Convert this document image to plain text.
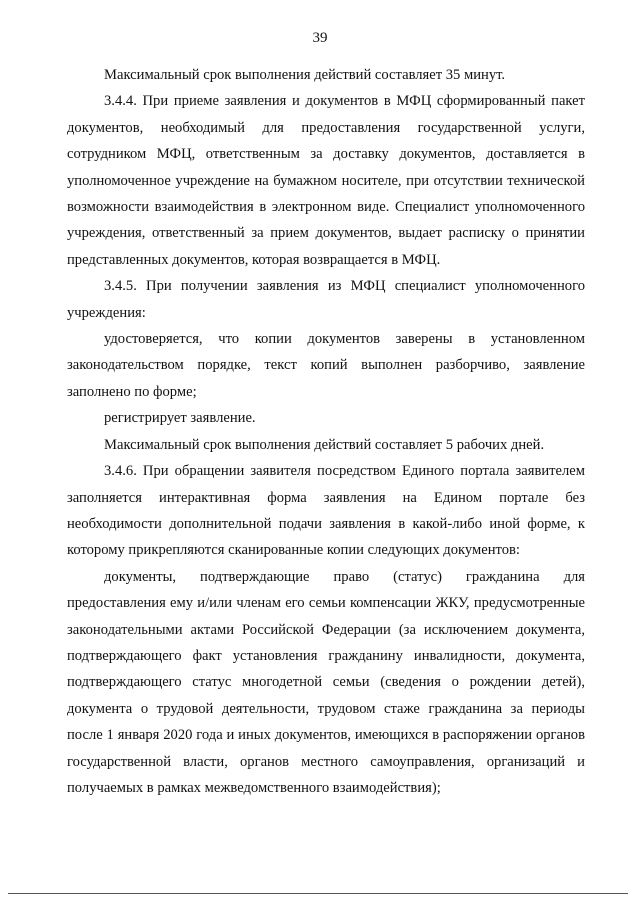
39

Максимальный срок выполнения действий составляет 35 минут.

3.4.4. При приеме заявления и документов в МФЦ сформированный пакет документов, необходимый для предоставления государственной услуги, сотрудником МФЦ, ответственным за доставку документов, доставляется в уполномоченное учреждение на бумажном носителе, при отсутствии технической возможности взаимодействия в электронном виде. Специалист уполномоченного учреждения, ответственный за прием документов, выдает расписку о принятии представленных документов, которая возвращается в МФЦ.

3.4.5. При получении заявления из МФЦ специалист уполномоченного учреждения:

удостоверяется, что копии документов заверены в установленном законодательством порядке, текст копий выполнен разборчиво, заявление заполнено по форме;

регистрирует заявление.

Максимальный срок выполнения действий составляет 5 рабочих дней.

3.4.6. При обращении заявителя посредством Единого портала заявителем заполняется интерактивная форма заявления на Едином портале без необходимости дополнительной подачи заявления в какой-либо иной форме, к которому прикрепляются сканированные копии следующих документов:

документы, подтверждающие право (статус) гражданина для предоставления ему и/или членам его семьи компенсации ЖКУ, предусмотренные законодательными актами Российской Федерации (за исключением документа, подтверждающего факт установления гражданину инвалидности, документа, подтверждающего статус многодетной семьи (сведения о рождении детей), документа о трудовой деятельности, трудовом стаже гражданина за периоды после 1 января 2020 года и иных документов, имеющихся в распоряжении органов государственной власти, органов местного самоуправления, организаций и получаемых в рамках межведомственного взаимодействия);
